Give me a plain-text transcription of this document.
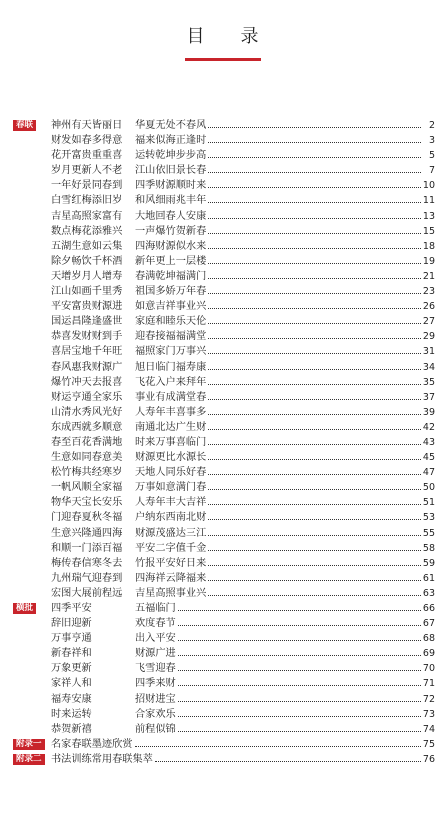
目 录
春联 神州有天皆丽日 华夏无处不春风	2
财发如春多得意 福来似海正逢时	3
花开富贵重重喜 运转乾坤步步高	5
岁月更新人不老 江山依旧景长春	7
一年好景同春到 四季财源顺时来	10
白雪红梅添旧岁 和风细雨兆丰年	11
吉星高照家富有 大地回春人安康	13
数点梅花添雅兴 一声爆竹贺新春	15
五湖生意如云集 四海财源似水来	18
除夕畅饮千杯酒 新年更上一层楼	19
天增岁月人增寿 春满乾坤福满门	21
江山如画千里秀 祖国多娇万年春	23
平安富贵财源进 如意吉祥事业兴	26
国运昌隆逢盛世 家庭和睦乐天伦	27
恭喜发财财到手 迎春接福福满堂	29
喜居宝地千年旺 福照家门万事兴	31
春风惠我财源广 旭日临门福寿康	34
爆竹冲天去报喜 飞花入户来拜年	35
财运亨通全家乐 事业有成满堂春	37
山清水秀风光好 人寿年丰喜事多	39
东成西就多顺意 南通北达广生财	42
春至百花香满地 时来万事喜临门	43
生意如同春意美 财源更比水源长	45
松竹梅共经寒岁 天地人同乐好春	47
一帆风顺全家福 万事如意满门春	50
物华天宝长安乐 人寿年丰大吉祥	51
门迎春夏秋冬福 户纳东西南北财	53
生意兴隆通四海 财源茂盛达三江	55
和顺一门添百福 平安二字值千金	58
梅传春信寒冬去 竹报平安好日来	59
九州瑞气迎春到 四海祥云降福来	61
宏图大展前程远 吉星高照事业兴	63
横批 四季平安	五福临门	66
辞旧迎新	欢度春节	67
万事亨通	出入平安	68
新春祥和	财源广进	69
万象更新	飞雪迎春	70
家祥人和	四季来财	71
福寿安康	招财进宝	72
时来运转	合家欢乐	73
恭贺新禧	前程似锦	74
附录一 名家春联墨迹欣赏	75
附录二 书法训练常用春联集萃	76
